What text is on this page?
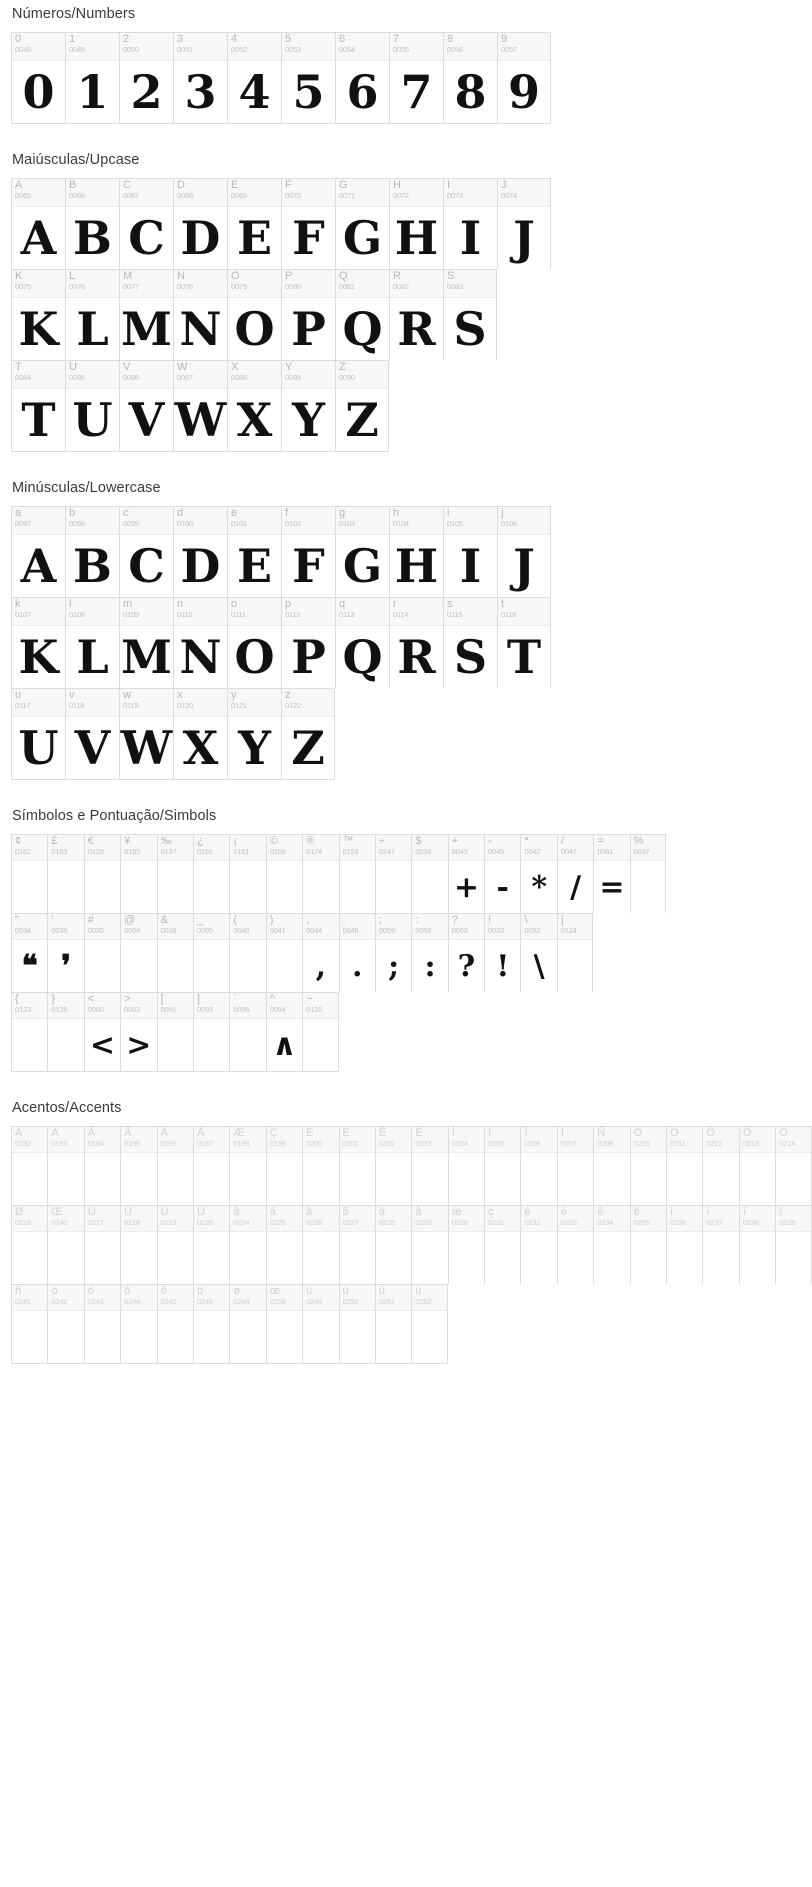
Números/Numbers
0
0048
0
1
0049
1
2
0050
2
3
0051
3
4
0052
4
5
0053
5
6
0054
6
7
0055
7
8
0056
8
9
0057
9
Maiúsculas/Upcase
A
0065
A
B
0066
B
C
0067
C
D
0068
D
E
0069
E
F
0070
F
G
0071
G
H
0072
H
I
0073
I
J
0074
J
K
0075
K
L
0076
L
M
0077
M
N
0078
N
O
0079
O
P
0080
P
Q
0081
Q
R
0082
R
S
0083
S
T
0084
T
U
0085
U
V
0086
V
W
0087
W
X
0088
X
Y
0089
Y
Z
0090
Z
Minúsculas/Lowercase
a
0097
A
b
0098
B
c
0099
C
d
0100
D
e
0101
E
f
0102
F
g
0103
G
h
0104
H
i
0105
I
j
0106
J
k
0107
K
l
0108
L
m
0109
M
n
0110
N
o
0111
O
p
0112
P
q
0113
Q
r
0114
R
s
0115
S
t
0116
T
u
0117
U
v
0118
V
w
0119
W
x
0120
X
y
0121
Y
z
0122
Z
Símbolos e Pontuação/Simbols
¢
0162
£
0163
€
0128
¥
0165
‰
0137
¿
0191
¡
0161
©
0169
®
0174
™
0153
÷
0247
$
0036
+
0043
+
-
0045
-
*
0042
*
/
0047
/
=
0061
=
%
0037
"
0034
❝
'
0039
❜
#
0035
@
0064
&
0038
_
0095
(
0040
)
0041
,
0044
,
.
0046
.
;
0059
;
:
0058
:
?
0063
?
!
0033
!
\
0092
\
|
0124
{
0123
}
0125
<
0060
<
>
0062
>
[
0091
]
0093
`
0096
^
0094
∧
~
0126
Acentos/Accents
À
0192
Á
0193
Â
0194
Ã
0195
Ä
0196
Å
0197
Æ
0198
Ç
0199
È
0200
É
0201
Ê
0202
Ë
0203
Ì
0204
Í
0205
Î
0206
Ï
0207
Ñ
0209
Ò
0210
Ó
0211
Ô
0212
Õ
0213
Ö
0214
Ø
0216
Œ
0140
Ù
0217
Ú
0218
Û
0219
Ü
0220
à
0224
á
0225
â
0226
ã
0227
ä
0228
å
0229
æ
0230
ç
0231
è
0232
é
0233
ê
0234
ë
0235
ì
0236
í
0237
î
0238
ï
0239
ñ
0241
ò
0242
ó
0243
ô
0244
õ
0245
ö
0246
ø
0248
œ
0156
ù
0249
ú
0250
û
0251
ü
0252
